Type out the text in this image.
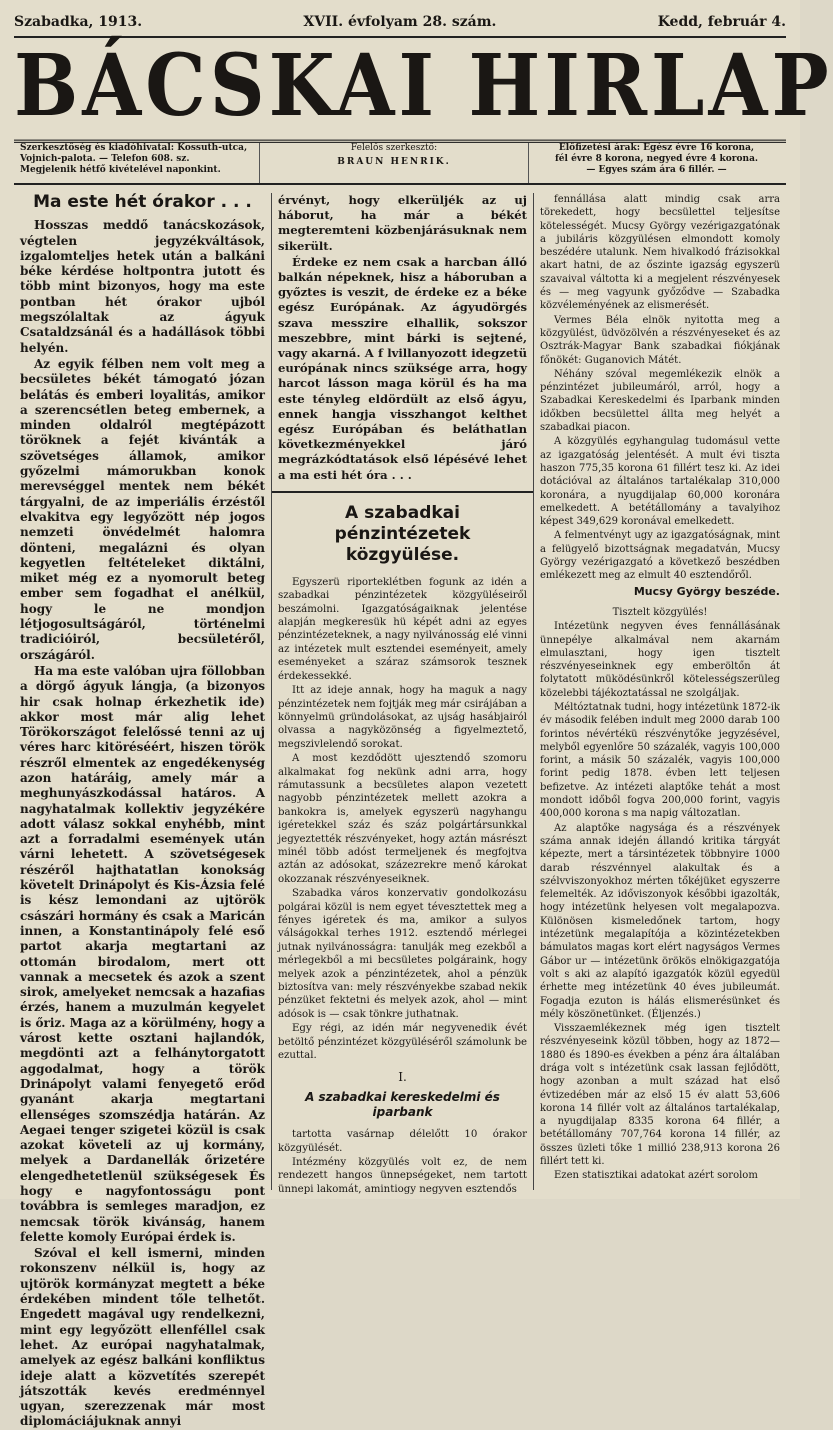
Szabadka, 1913.	XVII. évfolyam 28. szám.	Kedd, február 4.
BÁCSKAI HIRLAP
Szerkesztőség és kiadóhivatal: Kossuth-utca, Vojnich-palota. — Telefon 608. sz.
Megjelenik hétfő kivételével naponkint.
Felelős szerkesztő:
BRAUN HENRIK.
Előfizetési árak: Egész évre 16 korona,
fél évre 8 korona, negyed évre 4 korona.
— Egyes szám ára 6 fillér. —
Ma este hét órakor . . .

Hosszas meddő tanácskozások, végtelen jegyzékváltások, izgalomteljes hetek után a balkáni béke kérdése holtpontra jutott és több mint bizonyos, hogy ma este pontban hét órakor ujból megszólaltak az ágyuk Csataldzsánál és a hadállások többi helyén.

Az egyik félben nem volt meg a becsületes békét támogató józan belátás és emberi loyalitás, amikor a szerencsétlen beteg embernek, a minden oldalról megtépázott töröknek a fejét kivánták a szövetséges államok, amikor győzelmi mámorukban konok merevséggel mentek nem békét tárgyalni, de az imperiális érzéstől elvakitva egy legyőzött nép jogos nemzeti önvédelmét halomra dönteni, megalázni és olyan kegyetlen feltételeket diktálni, miket még ez a nyomorult beteg ember sem fogadhat el anélkül, hogy le ne mondjon létjogosultságáról, történelmi tradicióiról, becsületéről, országáról.

Ha ma este valóban ujra föllobban a dörgő ágyuk lángja, (a bizonyos hir csak holnap érkezhetik ide) akkor most már alig lehet Törökországot felelőssé tenni az uj véres harc kitöréséért, hiszen török részről elmentek az engedékenység azon határáig, amely már a meghunyászkodással határos. A nagyhatalmak kollektiv jegyzékére adott válasz sokkal enyhébb, mint azt a forradalmi események után várni lehetett. A szövetségesek részéről hajthatatlan konokság követelt Drinápolyt és Kis-Ázsia felé is kész lemondani az ujtörök császári hormány és csak a Maricán innen, a Konstantinápoly felé eső partot akarja megtartani az ottomán birodalom, mert ott vannak a mecsetek és azok a szent sirok, amelyeket nemcsak a hazafias érzés, hanem a muzulmán kegyelet is őriz. Maga az a körülmény, hogy a várost kette osztani hajlandók, megdönti azt a felhánytorgatott aggodalmat, hogy a török Drinápolyt valami fenyegető erőd gyanánt akarja megtartani ellenséges szomszédja határán. Az Aegaei tenger szigetei közül is csak azokat követeli az uj kormány, melyek a Dardanellák őrizetére elengedhetetlenül szükségesek És hogy e nagyfontosságu pont továbbra is semleges maradjon, ez nemcsak török kivánság, hanem felette komoly Európai érdek is.

Szóval el kell ismerni, minden rokonszenv nélkül is, hogy az ujtörök kormányzat megtett a béke érdekében mindent tőle telhetőt. Engedett magával ugy rendelkezni, mint egy legyőzött ellenféllel csak lehet. Az európai nagyhatalmak, amelyek az egész balkáni konfliktus ideje alatt a közvetítés szerepét játszották kevés eredménnyel ugyan, szerezzenak már most diplomáciájuknak annyi

érvényt, hogy elkerüljék az uj háborut, ha már a békét megteremteni közbenjárásuknak nem sikerült.

Érdeke ez nem csak a harcban álló balkán népeknek, hisz a háboruban a győztes is veszit, de érdeke ez a béke egész Európának. Az ágyudörgés szava messzire elhallik, sokszor meszebbre, mint bárki is sejtené, vagy akarná. A f lvillanyozott idegzetü európának nincs szüksége arra, hogy harcot lásson maga körül és ha ma este tényleg eldördült az első ágyu, ennek hangja visszhangot kelthet egész Európában és beláthatlan következményekkel járó megrázkódtatások első lépésévé lehet a ma esti hét óra . . .

A szabadkai pénzintézetek közgyülése.

Egyszerü riporteklétben fogunk az idén a szabadkai pénzintézetek közgyüléseiről beszámolni. Igazgatóságaiknak jelentése alapján megkeresük hü képét adni az egyes pénzintézeteknek, a nagy nyilvánosság elé vinni az intézetek mult esztendei eseményeit, amely eseményeket a száraz számsorok tesznek érdekessekké.

Itt az ideje annak, hogy ha maguk a nagy pénzintézetek nem fojtják meg már csirájában a könnyelmü gründolásokat, az ujság hasábjairól olvassa a nagyközönség a figyelmeztető, megszivlelendő sorokat.

A most kezdődött ujesztendő szomoru alkalmakat fog nekünk adni arra, hogy rámutassunk a becsületes alapon vezetett nagyobb pénzintézetek mellett azokra a bankokra is, amelyek egyszerü nagyhangu igéretekkel száz és száz polgártársunkkal jegyeztették részvényeket, hogy aztán másrészt minél több adóst termeljenek és megfojtva aztán az adósokat, százezrekre menő károkat okozzanak részvényeseiknek.

Szabadka város konzervativ gondolkozásu polgárai közül is nem egyet tévesztettek meg a fényes igéretek és ma, amikor a sulyos válságokkal terhes 1912. esztendő mérlegei jutnak nyilvánosságra: tanulják meg ezekből a mérlegekből a mi becsületes polgáraink, hogy melyek azok a pénzintézetek, ahol a pénzük biztosítva van: mely részvényekbe szabad nekik pénzüket fektetni és melyek azok, ahol — mint adósok is — csak tönkre juthatnak.

Egy régi, az idén már negyvenedik évét betöltő pénzintézet közgyüléséről számolunk be ezuttal.

I.
A szabadkai kereskedelmi és iparbank

tartotta vasárnap délelőtt 10 órakor közgyülését.

Intézmény közgyülés volt ez, de nem rendezett hangos ünnepségeket, nem tartott ünnepi lakomát, amintiogy negyven esztendős

fennállása alatt mindig csak arra törekedett, hogy becsülettel teljesítse kötelességét. Mucsy György vezérigazgatónak a jubiláris közgyülésen elmondott komoly beszédére utalunk. Nem hivalkodó frázisokkal akart hatni, de az őszinte igazság egyszerü szavaival váltotta ki a megjelent részvényesek és — meg vagyunk győződve — Szabadka közvéleményének az elismerését.

Vermes Béla elnök nyitotta meg a közgyülést, üdvözölvén a részvényeseket és az Osztrák-Magyar Bank szabadkai fiókjának főnökét: Guganovich Mátét.

Néhány szóval megemlékezik elnök a pénzintézet jubileumáról, arról, hogy a Szabadkai Kereskedelmi és Iparbank minden időkben becsülettel állta meg helyét a szabadkai piacon.

A közgyülés egyhangulag tudomásul vette az igazgatóság jelentését. A mult évi tiszta haszon 775,35 korona 61 fillért tesz ki. Az idei dotációval az általános tartalékalap 310,000 koronára, a nyugdijalap 60,000 koronára emelkedett. A betétállomány a tavalyihoz képest 349,629 koronával emelkedett.

A felmentvényt ugy az igazgatóságnak, mint a felügyelő bizottságnak megadatván, Mucsy György vezérigazgató a következő beszédben emlékezett meg az elmult 40 esztendőről.

Mucsy György beszéde.

Tisztelt közgyülés!

Intézetünk negyven éves fennállásának ünnepélye alkalmával nem akarnám elmulasztani, hogy igen tisztelt részvényeseinknek egy emberöltőn át folytatott müködésünkről kötelességszerüleg közelebbi tájékoztatással ne szolgáljak.

Méltóztatnak tudni, hogy intézetünk 1872-ik év második felében indult meg 2000 darab 100 forintos névértékü részvénytőke jegyzésével, melyből egyenlőre 50 százalék, vagyis 100,000 forint, a másik 50 százalék, vagyis 100,000 forint pedig 1878. évben lett teljesen befizetve. Az intézeti alaptőke tehát a most mondott időből fogva 200,000 forint, vagyis 400,000 korona s ma napig változatlan.

Az alaptőke nagysága és a részvények száma annak idején állandó kritika tárgyát képezte, mert a társintézetek többnyire 1000 darab részvénnyel alakultak és a szélvviszonyokhoz mérten tőkéjüket egyszerre felemelték. Az időviszonyok későbbi igazolták, hogy intézetünk helyesen volt megalapozva. Különösen kismeledőnek tartom, hogy intézetünk megalapítója a közintézetekben bámulatos magas kort elért nagyságos Vermes Gábor ur — intézetünk örökös elnökigazgatója volt s aki az alapító igazgatók közül egyedül érhette meg intézetünk 40 éves jubileumát. Fogadja ezuton is hálás elismerésünket és mély köszönetünket. (Éljenzés.)

Visszaemlékeznek még igen tisztelt részvényeseink közül többen, hogy az 1872—1880 és 1890-es években a pénz ára általában drága volt s intézetünk csak lassan fejlődött, hogy azonban a mult század hat első évtizedében már az első 15 év alatt 53,606 korona 14 fillér volt az általános tartalékalap, a nyugdijalap 8335 korona 64 fillér, a betétállomány 707,764 korona 14 fillér, az összes üzleti tőke 1 millió 238,913 korona 26 fillért tett ki.

Ezen statisztikai adatokat azért sorolom
